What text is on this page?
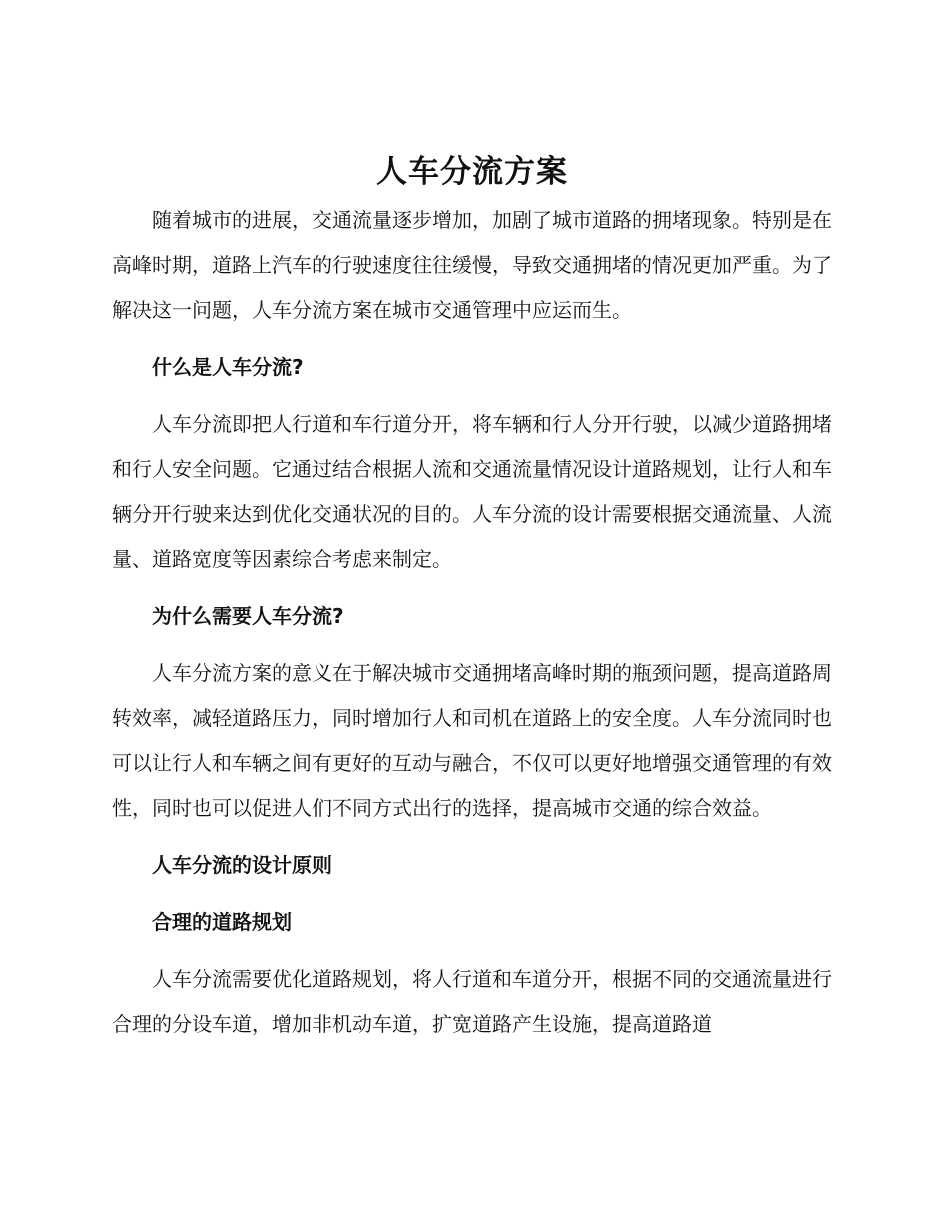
人车分流方案

随着城市的进展，交通流量逐步增加，加剧了城市道路的拥堵现象。特别是在高峰时期，道路上汽车的行驶速度往往缓慢，导致交通拥堵的情况更加严重。为了解决这一问题，人车分流方案在城市交通管理中应运而生。

什么是人车分流?

人车分流即把人行道和车行道分开，将车辆和行人分开行驶，以减少道路拥堵和行人安全问题。它通过结合根据人流和交通流量情况设计道路规划，让行人和车辆分开行驶来达到优化交通状况的目的。人车分流的设计需要根据交通流量、人流量、道路宽度等因素综合考虑来制定。

为什么需要人车分流?

人车分流方案的意义在于解决城市交通拥堵高峰时期的瓶颈问题，提高道路周转效率，减轻道路压力，同时增加行人和司机在道路上的安全度。人车分流同时也可以让行人和车辆之间有更好的互动与融合，不仅可以更好地增强交通管理的有效性，同时也可以促进人们不同方式出行的选择，提高城市交通的综合效益。

人车分流的设计原则

合理的道路规划

人车分流需要优化道路规划，将人行道和车道分开，根据不同的交通流量进行合理的分设车道，增加非机动车道，扩宽道路产生设施，提高道路道
